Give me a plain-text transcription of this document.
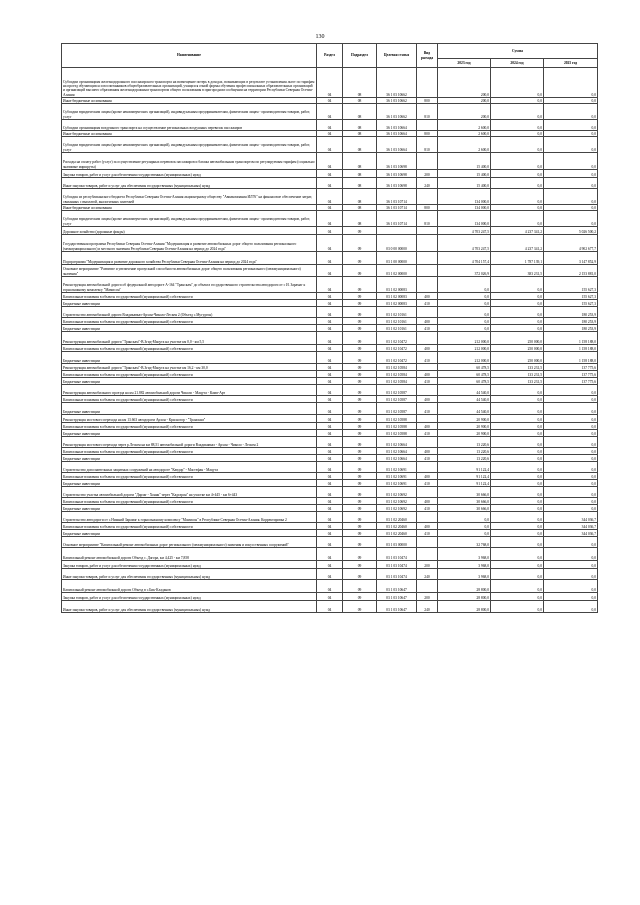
130
Наименование	Раздел	Подраздел	Целевая статья	Вид расхода	Сумма		
					2023 год	2024 год	2025 год
Субсидии организациям железнодорожного пассажирского транспорта на возмещение потерь в доходах, возникающих в результате установления льгот по тарифам на проезд обучающихся и воспитанников общеобразовательных организаций, учащихся очной формы обучения профессиональных образовательных организаций и организаций высшего образования железнодорожным транспортом общего пользования в пригородном сообщении на территории Республики Северная Осетия-Алания	04	08	36 1 03 10662		200,0	0,0	0,0
Иные бюджетные ассигнования	04	08	36 1 03 10662	800	200,0	0,0	0,0
Субсидии юридическим лицам (кроме некоммерческих организаций), индивидуальным предпринимателям, физическим лицам - производителям товаров, работ, услуг	04	08	36 1 03 10662	810	200,0	0,0	0,0
Субсидии организациям воздушного транспорта на осуществление региональных воздушных перевозок пассажиров	04	08	36 1 03 10664		2 600,0	0,0	0,0
Иные бюджетные ассигнования	04	08	36 1 03 10664	800	2 600,0	0,0	0,0
Субсидии юридическим лицам (кроме некоммерческих организаций), индивидуальным предпринимателям, физическим лицам - производителям товаров, работ, услуг	04	08	36 1 03 10664	810	2 600,0	0,0	0,0
Расходы на оплату работ (услуг) за осуществление регулярных перевозок пассажиров и багажа автомобильным транспортом по регулируемым тарифам (социально значимые маршруты)	04	08	36 1 03 10698		15 400,0	0,0	0,0
Закупка товаров, работ и услуг для обеспечения государственных (муниципальных) нужд	04	08	36 1 03 10698	200	15 400,0	0,0	0,0
Иные закупки товаров, работ и услуг для обеспечения государственных (муниципальных) нужд	04	08	36 1 03 10698	240	15 400,0	0,0	0,0
Субсидия из республиканского бюджета Республики Северная Осетия-Алания акционерному обществу "Авиакомпания ИЛ76" на финансовое обеспечение затрат, связанных с выплатой, аналогичных платежей	04	08	36 1 03 10714		134 000,0	0,0	0,0
Иные бюджетные ассигнования	04	08	36 1 03 10714	800	134 000,0	0,0	0,0
Субсидии юридическим лицам (кроме некоммерческих организаций), индивидуальным предпринимателям, физическим лицам - производителям товаров, работ, услуг	04	08	36 1 03 10714	810	134 000,0	0,0	0,0
Дорожное хозяйство (дорожные фонды)	04	09			4 703 247,5	4 237 341,2	5 026 500,2
Государственная программа Республики Северная Осетия-Алания "Модернизация и развитие автомобильных дорог общего пользования регионального (межмуниципального) и местного значения Республики Северная Осетия-Алания на период до 2024 года"	04	09	03 0 00 00000		4 703 247,5	4 237 341,2	4 902 677,7
Подпрограмма "Модернизация и развитие дорожного хозяйства Республики Северная Осетия-Алания на период до 2024 года"	04	09	03 1 00 00000		4 704 157,4	1 787 139,1	3 147 852,9
Основное мероприятие "Развитие и увеличение пропускной способности автомобильных дорог общего пользования регионального (межмуниципального) значения"	04	09	03 1 02 00000		372 026,9	383 231,5	2 153 881,0
Реконструкция автомобильной дороги об федеральной автодороге А-164 "Транскам" до объекта государственного строительства автодороги от с И. Зарамаг к горнолыжному комплексу "Мамисон"	04	09	03 1 02 00083		0,0	0,0	155 627,3
Капитальные вложения в объекты государственной (муниципальной) собственности	04	09	03 1 02 00083	400	0,0	0,0	155 627,3
Бюджетные инвестиции	04	09	03 1 02 00083	410	0,0	0,0	155 627,3
Строительство автомобильной дороги Владикавказ-Архон-Чиколо-Лескен 2 (Объезд с.Мугудгон)	04	09	03 1 02 10161		0,0	0,0	180 253,9
Капитальные вложения в объекты государственной (муниципальной) собственности	04	09	03 1 02 10161	400	0,0	0,0	180 253,9
Бюджетные инвестиции	04	09	03 1 02 10161	410	0,0	0,0	180 253,9
Реконструкция автомобильной дороги "Транскам"-В.Згид-Мацута на участке км 0,0 - км 5,5	04	09	03 1 02 10472		212 000,0	250 000,0	1 158 188,0
Капитальные вложения в объекты государственной (муниципальной) собственности	04	09	03 1 02 10472	400	212 000,0	250 000,0	1 158 188,0
Бюджетные инвестиции	04	09	03 1 02 10472	410	212 000,0	250 000,0	1 158 188,0
Реконструкция автомобильной дороги "Транскам"-В.Згид-Мацута на участке км 16,2 - км 30,0	04	09	03 1 02 10584		60 478,5	133 231,5	137 775,6
Капитальные вложения в объекты государственной (муниципальной) собственности	04	09	03 1 02 10584	400	60 478,5	133 231,5	137 775,6
Бюджетные инвестиции	04	09	03 1 02 10584	410	60 478,5	133 231,5	137 775,6
Реконструкция автомобильного проезда на км 21.882 автомобильной дороги Чиколо - Мацута - Камп-Арт	04	09	03 1 02 10587		44 540,0	0,0	0,0
Капитальные вложения в объекты государственной (муниципальной) собственности	04	09	03 1 02 10587	400	44 540,0	0,0	0,0
Бюджетные инвестиции	04	09	03 1 02 10587	410	44 540,0	0,0	0,0
Реконструкция мостового перехода на км 13.663 автодороги Архон - Красногор - "Транскам"	04	09	03 1 02 10588		20 900,0	0,0	0,0
Капитальные вложения в объекты государственной (муниципальной) собственности	04	09	03 1 02 10588	400	20 900,0	0,0	0,0
Бюджетные инвестиции	04	09	03 1 02 10588	410	20 900,0	0,0	0,0
Реконструкция мостового перехода через р.Лескен на км 88,51 автомобильной дороги Владикавказ - Архон - Чиколо - Лескен 2	04	09	03 1 02 10664		13 220,6	0,0	0,0
Капитальные вложения в объекты государственной (муниципальной) собственности	04	09	03 1 02 10664	400	13 220,6	0,0	0,0
Бюджетные инвестиции	04	09	03 1 02 10664	410	13 220,6	0,0	0,0
Строительство дополнительных защитных сооружений на автодороге "Кавдор" - Мастефан - Мацута	04	09	03 1 02 10691		91 122,4	0,0	0,0
Капитальные вложения в объекты государственной (муниципальной) собственности	04	09	03 1 02 10691	400	91 122,4	0,0	0,0
Бюджетные инвестиции	04	09	03 1 02 10691	410	91 122,4	0,0	0,0
Строительство участка автомобильной дороги "Дарзаг - Хоняк" через "Кадгарон" на участке км 4+445 - км 6+443	04	09	03 1 02 10692		30 666,0	0,0	0,0
Капитальные вложения в объекты государственной (муниципальной) собственности	04	09	03 1 02 10692	400	30 666,0	0,0	0,0
Бюджетные инвестиции	04	09	03 1 02 10692	410	30 666,0	0,0	0,0
Строительство автодороги от с.Нижний Зарамаг к горнолыжному комплексу "Мамисон" в Республике Северная Осетия-Алания. Корректировка 2	04	09	03 1 02 20460		0,0	0,0	344 036,7
Капитальные вложения в объекты государственной (муниципальной) собственности	04	09	03 1 02 20460	400	0,0	0,0	344 036,7
Бюджетные инвестиции	04	09	03 1 02 20460	410	0,0	0,0	344 036,7
Основное мероприятие "Капитальный ремонт автомобильных дорог регионального (межмуниципального) значения и искусственных сооружений"	04	09	03 1 03 00000		32 768,0	0,0	0,0
Капитальный ремонт автомобильной дороги Объезд с. Дагора, км 4,425 - км 7,858	04	09	03 1 03 10474		3 968,0	0,0	0,0
Закупка товаров, работ и услуг для обеспечения государственных (муниципальных) нужд	04	09	03 1 03 10474	200	3 968,0	0,0	0,0
Иные закупки товаров, работ и услуг для обеспечения государственных (муниципальных) нужд	04	09	03 1 03 10474	240	3 968,0	0,0	0,0
Капитальный ремонт автомобильной дороги Объезд в с.Бик-Кладанов	04	09	03 1 03 10647		28 800,0	0,0	0,0
Закупка товаров, работ и услуг для обеспечения государственных (муниципальных) нужд	04	09	03 1 03 10647	200	28 800,0	0,0	0,0
Иные закупки товаров, работ и услуг для обеспечения государственных (муниципальных) нужд	04	09	03 1 03 10647	240	28 800,0	0,0	0,0
